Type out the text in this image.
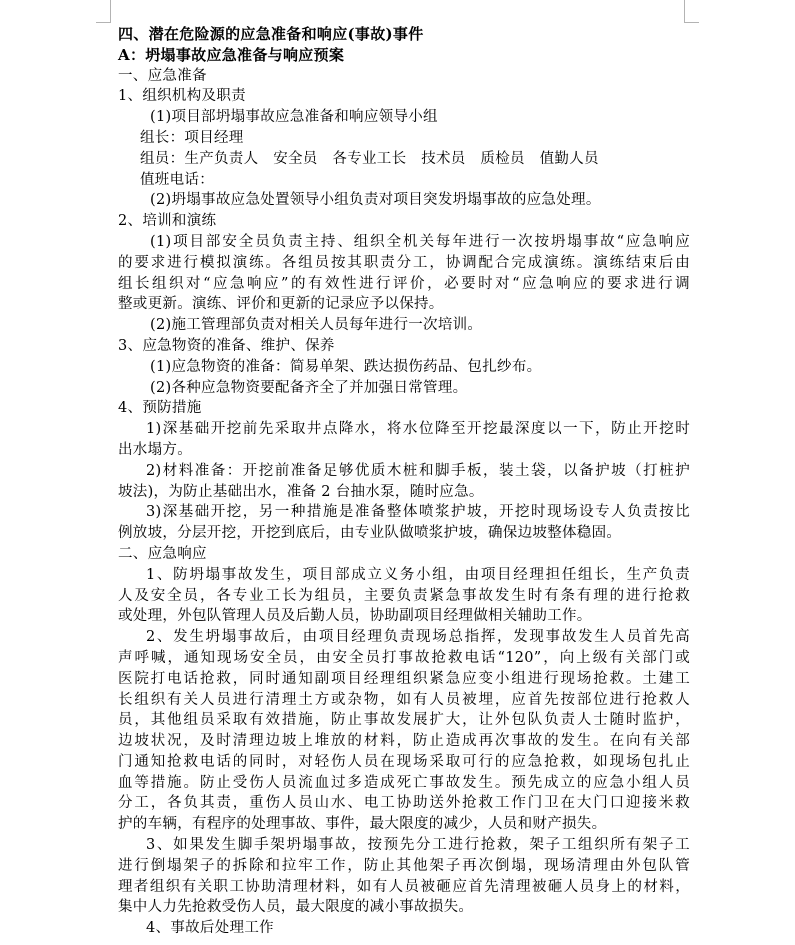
四、潜在危险源的应急准备和响应(事故)事件
A：坍塌事故应急准备与响应预案
一、应急准备
1、组织机构及职责
(1)项目部坍塌事故应急准备和响应领导小组
组长：项目经理
组员：生产负责人　安全员　各专业工长　技术员　质检员　值勤人员
值班电话：
(2)坍塌事故应急处置领导小组负责对项目突发坍塌事故的应急处理。
2、培训和演练
(1)项目部安全员负责主持、组织全机关每年进行一次按坍塌事故“应急响应
的要求进行模拟演练。各组员按其职责分工，协调配合完成演练。演练结束后由
组长组织对“应急响应”的有效性进行评价，必要时对“应急响应的要求进行调
整或更新。演练、评价和更新的记录应予以保持。
(2)施工管理部负责对相关人员每年进行一次培训。
3、应急物资的准备、维护、保养
(1)应急物资的准备：简易单架、跌达损伤药品、包扎纱布。
(2)各种应急物资要配备齐全了并加强日常管理。
4、预防措施
1)深基础开挖前先采取井点降水，将水位降至开挖最深度以一下，防止开挖时
出水塌方。
2)材料准备：开挖前准备足够优质木桩和脚手板，装土袋，以备护坡（打桩护
坡法)，为防止基础出水，准备 2 台抽水泵，随时应急。
3)深基础开挖，另一种措施是准备整体喷浆护坡，开挖时现场设专人负责按比
例放坡，分层开挖，开挖到底后，由专业队做喷浆护坡，确保边坡整体稳固。
二、应急响应
1、防坍塌事故发生，项目部成立义务小组，由项目经理担任组长，生产负责
人及安全员，各专业工长为组员，主要负责紧急事故发生时有条有理的进行抢救
或处理，外包队管理人员及后勤人员，协助副项目经理做相关辅助工作。
2、发生坍塌事故后，由项目经理负责现场总指挥，发现事故发生人员首先高
声呼喊，通知现场安全员，由安全员打事故抢救电话“120”，向上级有关部门或
医院打电话抢救，同时通知副项目经理组织紧急应变小组进行现场抢救。土建工
长组织有关人员进行清理土方或杂物，如有人员被埋，应首先按部位进行抢救人
员，其他组员采取有效措施，防止事故发展扩大，让外包队负责人士随时监护，
边坡状况，及时清理边坡上堆放的材料，防止造成再次事故的发生。在向有关部
门通知抢救电话的同时，对轻伤人员在现场采取可行的应急抢救，如现场包扎止
血等措施。防止受伤人员流血过多造成死亡事故发生。预先成立的应急小组人员
分工，各负其责，重伤人员山水、电工协助送外抢救工作门卫在大门口迎接米救
护的车辆，有程序的处理事故、事件，最大限度的减少，人员和财产损失。
3、如果发生脚手架坍塌事故，按预先分工进行抢救，架子工组织所有架子工
进行倒塌架子的拆除和拉牢工作，防止其他架子再次倒塌，现场清理由外包队管
理者组织有关职工协助清理材料，如有人员被砸应首先清理被砸人员身上的材料，
集中人力先抢救受伤人员，最大限度的减小事故损失。
4、事故后处理工作
